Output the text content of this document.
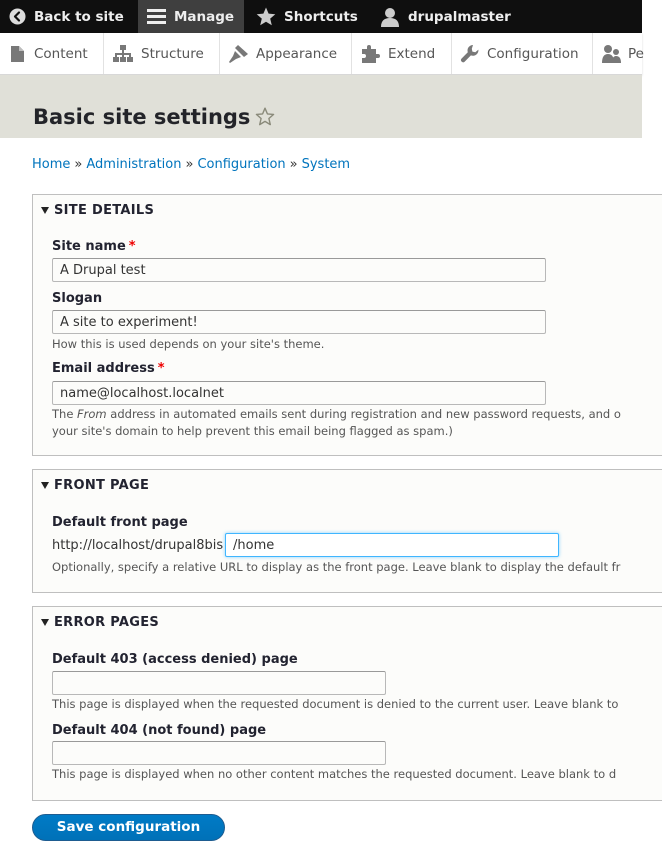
Back to site	Manage	Shortcuts	drupalmaster
Content	Structure	Appearance	Extend	Configuration	Pe
Basic site settings
Home » Administration » Configuration » System
SITE DETAILS
Site name *
A Drupal test
Slogan
A site to experiment!
How this is used depends on your site's theme.
Email address *
name@localhost.localnet
The From address in automated emails sent during registration and new password requests, and o
your site's domain to help prevent this email being flagged as spam.)
FRONT PAGE
Default front page
http://localhost/drupal8bis
/home
Optionally, specify a relative URL to display as the front page. Leave blank to display the default fr
ERROR PAGES
Default 403 (access denied) page
This page is displayed when the requested document is denied to the current user. Leave blank to
Default 404 (not found) page
This page is displayed when no other content matches the requested document. Leave blank to d
Save configuration
